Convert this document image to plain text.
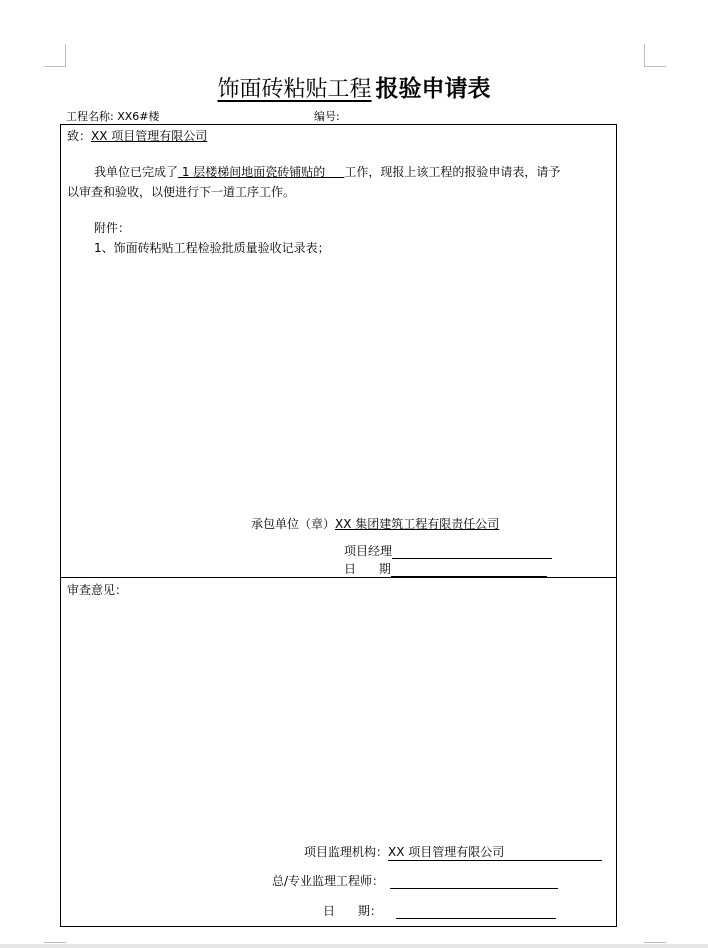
饰面砖粘贴工程 报验申请表
工程名称: XX6#楼	编号:
致：XX 项目管理有限公司
我单位已完成了 1 层楼梯间地面瓷砖铺贴的     工作，现报上该工程的报验申请表，请予
以审查和验收，以便进行下一道工序工作。
附件：
1、饰面砖粘贴工程检验批质量验收记录表；
承包单位（章）XX 集团建筑工程有限责任公司
项目经理
日      期
审查意见：
项目监理机构：XX 项目管理有限公司
总/专业监理工程师：
日      期：
